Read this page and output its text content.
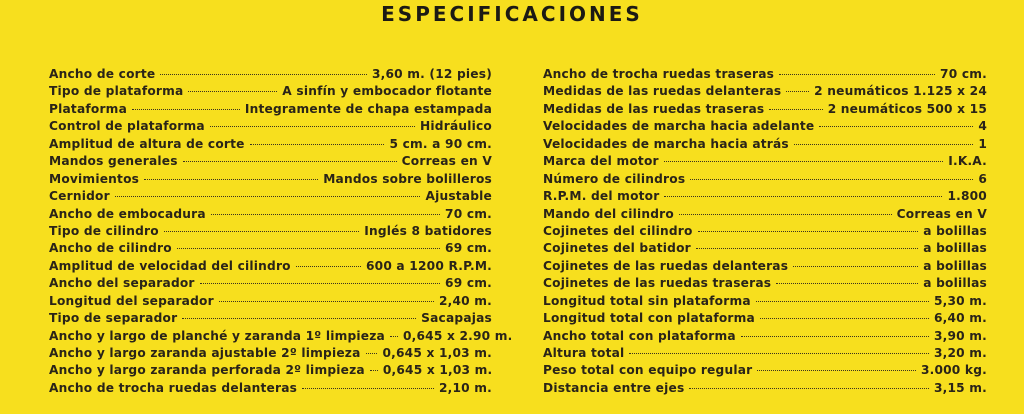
ESPECIFICACIONES
Ancho de corte	3,60 m. (12 pies)
Tipo de plataforma	A sinfín y embocador flotante
Plataforma	Integramente de chapa estampada
Control de plataforma	Hidráulico
Amplitud de altura de corte	5 cm. a 90 cm.
Mandos generales	Correas en V
Movimientos	Mandos sobre bolilleros
Cernidor	Ajustable
Ancho de embocadura	70 cm.
Tipo de cilindro	Inglés 8 batidores
Ancho de cilindro	69 cm.
Amplitud de velocidad del cilindro	600 a 1200 R.P.M.
Ancho del separador	69 cm.
Longitud del separador	2,40 m.
Tipo de separador	Sacapajas
Ancho y largo de planché y zaranda 1º limpieza 0,645 x 2.90 m.
Ancho y largo zaranda ajustable 2º limpieza 0,645 x 1,03 m.
Ancho y largo zaranda perforada 2º limpieza 0,645 x 1,03 m.
Ancho de trocha ruedas delanteras	2,10 m.
Ancho de trocha ruedas traseras	70 cm.
Medidas de las ruedas delanteras	2 neumáticos 1.125 x 24
Medidas de las ruedas traseras	2 neumáticos 500 x 15
Velocidades de marcha hacia adelante	4
Velocidades de marcha hacia atrás	1
Marca del motor	I.K.A.
Número de cilindros	6
R.P.M. del motor	1.800
Mando del cilindro	Correas en V
Cojinetes del cilindro	a bolillas
Cojinetes del batidor	a bolillas
Cojinetes de las ruedas delanteras	a bolillas
Cojinetes de las ruedas traseras	a bolillas
Longitud total sin plataforma	5,30 m.
Longitud total con plataforma	6,40 m.
Ancho total con plataforma	3,90 m.
Altura total	3,20 m.
Peso total con equipo regular	3.000 kg.
Distancia entre ejes	3,15 m.
